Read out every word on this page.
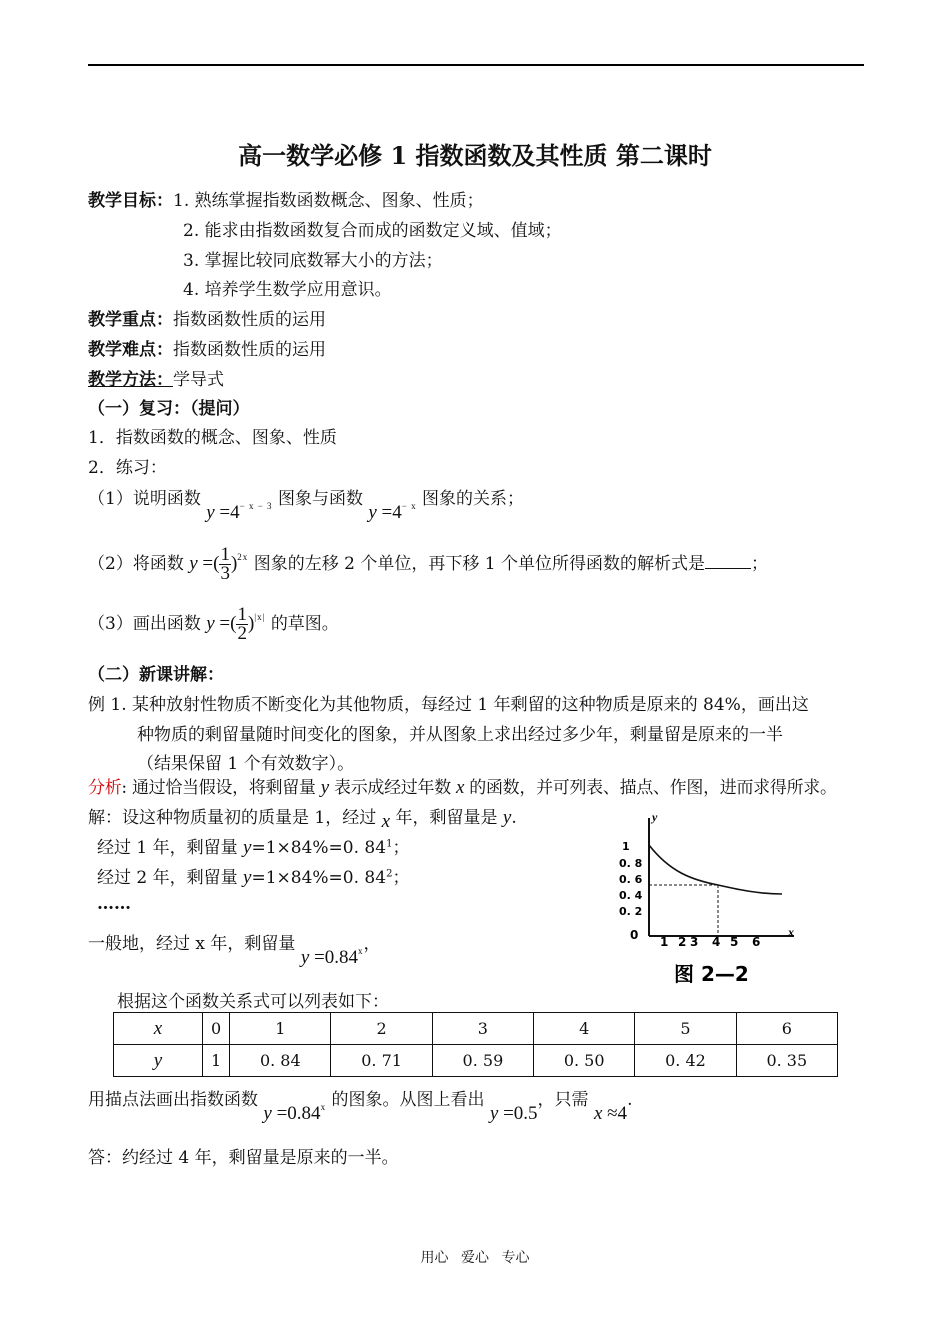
高一数学必修 1 指数函数及其性质 第二课时
教学目标：1. 熟练掌握指数函数概念、图象、性质；
2. 能求由指数函数复合而成的函数定义域、值域；
3. 掌握比较同底数幂大小的方法；
4. 培养学生数学应用意识。
教学重点：指数函数性质的运用
教学难点：指数函数性质的运用
教学方法：学导式
（一）复习：（提问）
1．指数函数的概念、图象、性质
2．练习：
（1）说明函数 $y =4^{- x - 3}$ 图象与函数 $y =4^{- x}$ 图象的关系；
（2）将函数 y =( $\frac{1}{3} )^{2x}$ 图象的左移 2 个单位，再下移 1 个单位所得函数的解析式是	；
（3）画出函数 y =( $\frac{1}{2} )^{|x|}$ 的草图。
（二）新课讲解：
例 1. 某种放射性物质不断变化为其他物质，每经过 1 年剩留的这种物质是原来的 84%，画出这
种物质的剩留量随时间变化的图象，并从图象上求出经过多少年，剩量留是原来的一半
（结果保留 1 个有效数字）。
分析: 通过恰当假设，将剩留量 y 表示成经过年数 x 的函数，并可列表、描点、作图，进而求得所求。
解：设这种物质量初的质量是 1，经过 x 年，剩留量是 y.
经过 1 年，剩留量 y=1×84%=0. $84^1$；
经过 2 年，剩留量 y=1×84%=0. $84^2$；
……
一般地，经过 x 年，剩留量 $y =0.84^x$，
y
x
0
1
0. 8
0. 6
0. 4
0. 2
1 2 3 4 5 6
图 2—2
根据这个函数关系式可以列表如下：
x	0	1	2	3	4	5	6
y	1	0. 84	0. 71	0. 59	0. 50	0. 42	0. 35
用描点法画出指数函数 $y =0.84^x$ 的图象。从图上看出 y =0.5，只需 x ≈4.
答：约经过 4 年，剩留量是原来的一半。
用心 爱心 专心
